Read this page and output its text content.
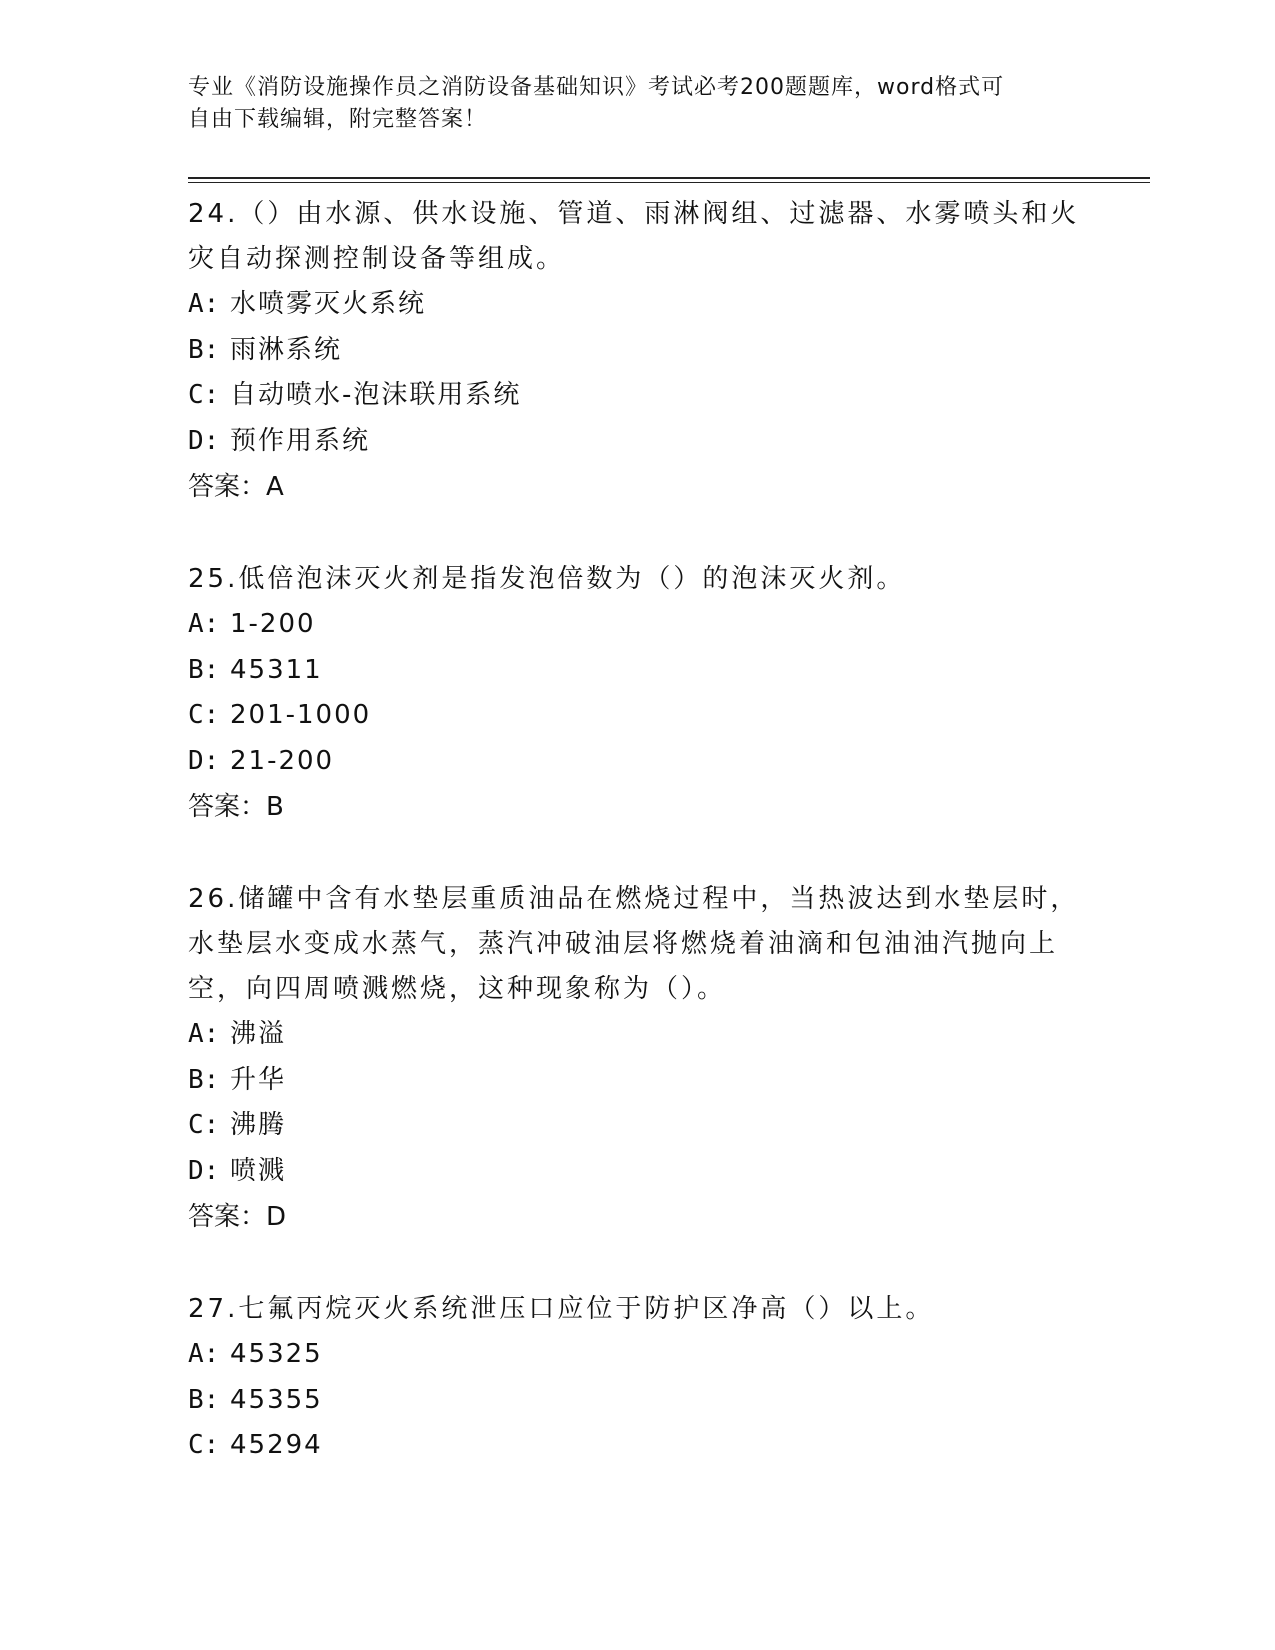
专业《消防设施操作员之消防设备基础知识》考试必考200题题库，word格式可
自由下载编辑，附完整答案！
24.（）由水源、供水设施、管道、雨淋阀组、过滤器、水雾喷头和火
灾自动探测控制设备等组成。
A: 水喷雾灭火系统
B: 雨淋系统
C: 自动喷水-泡沫联用系统
D: 预作用系统
答案：A
25.低倍泡沫灭火剂是指发泡倍数为（）的泡沫灭火剂。
A: 1-200
B: 45311
C: 201-1000
D: 21-200
答案：B
26.储罐中含有水垫层重质油品在燃烧过程中，当热波达到水垫层时，
水垫层水变成水蒸气，蒸汽冲破油层将燃烧着油滴和包油油汽抛向上
空，向四周喷溅燃烧，这种现象称为（）。
A: 沸溢
B: 升华
C: 沸腾
D: 喷溅
答案：D
27.七氟丙烷灭火系统泄压口应位于防护区净高（）以上。
A: 45325
B: 45355
C: 45294
